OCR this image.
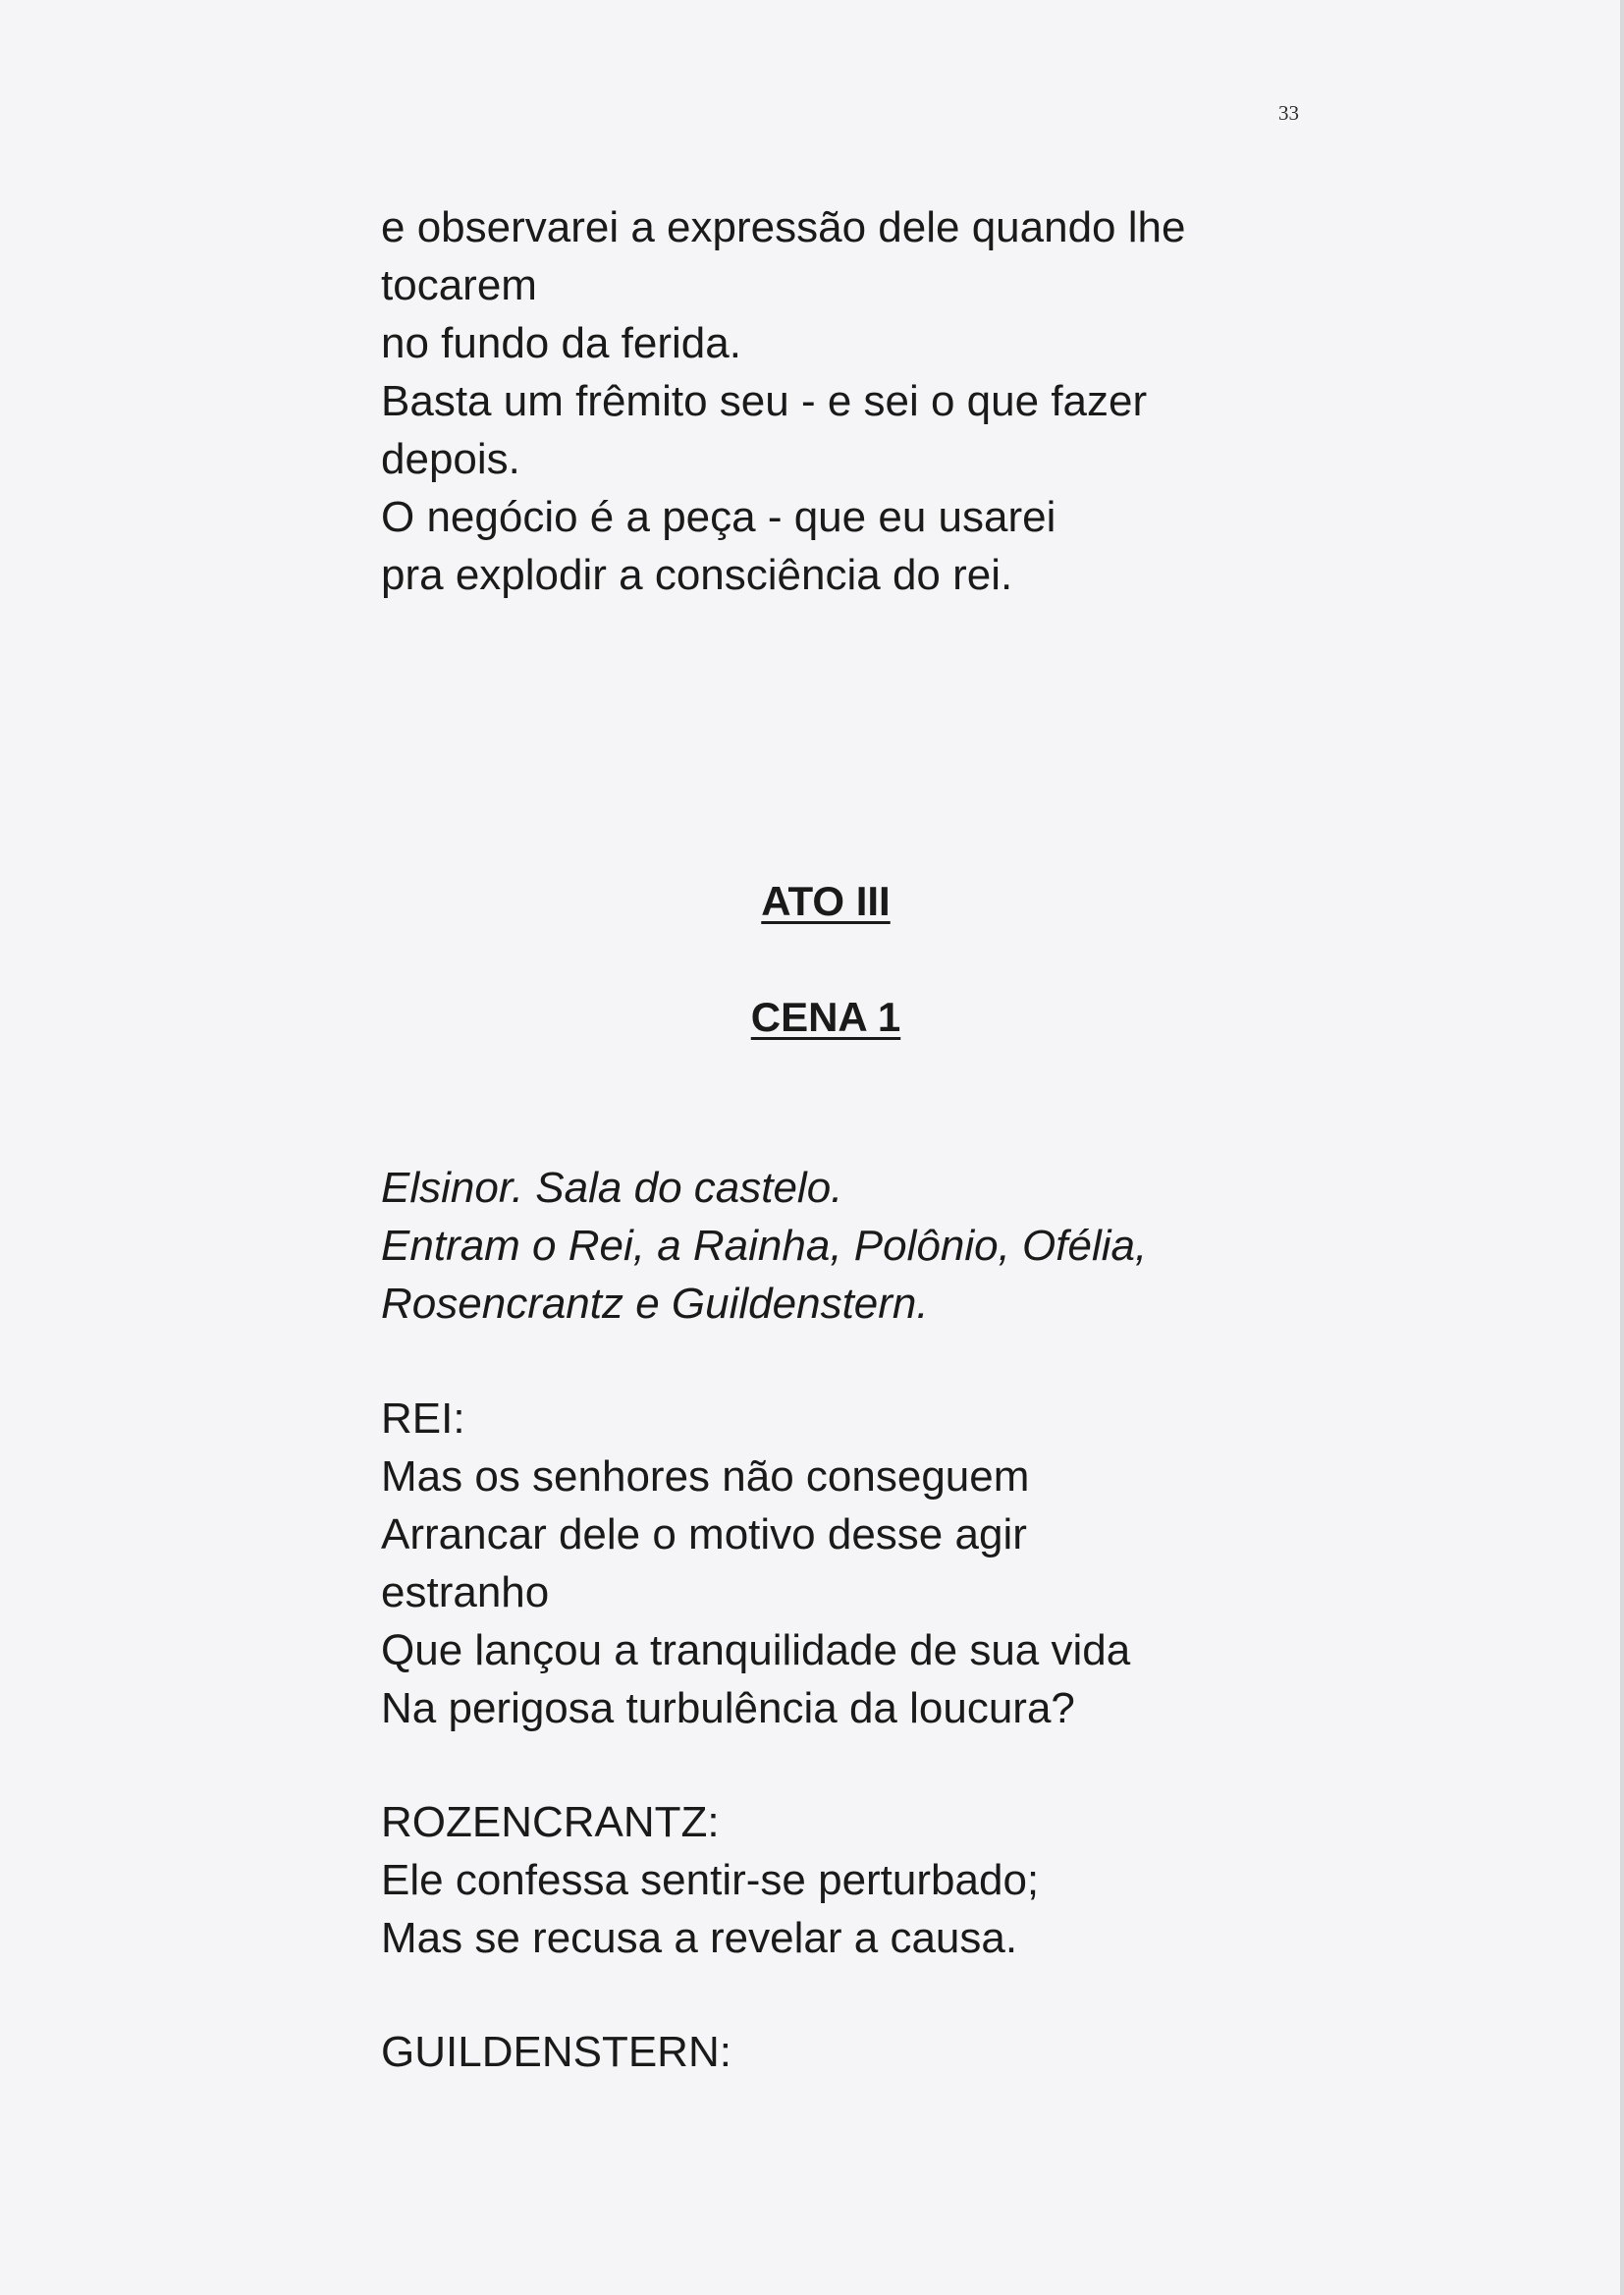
33
e observarei a expressão dele quando lhe
tocarem
no fundo da ferida.
Basta um frêmito seu - e sei o que fazer
depois.
O negócio é a peça - que eu usarei
pra explodir a consciência do rei.
ATO III
CENA 1
Elsinor. Sala do castelo.
Entram o Rei, a Rainha, Polônio, Ofélia,
Rosencrantz e Guildenstern.
REI:
Mas os senhores não conseguem
Arrancar dele o motivo desse agir
estranho
Que lançou a tranquilidade de sua vida
Na perigosa turbulência da loucura?
ROZENCRANTZ:
Ele confessa sentir-se perturbado;
Mas se recusa a revelar a causa.
GUILDENSTERN:
